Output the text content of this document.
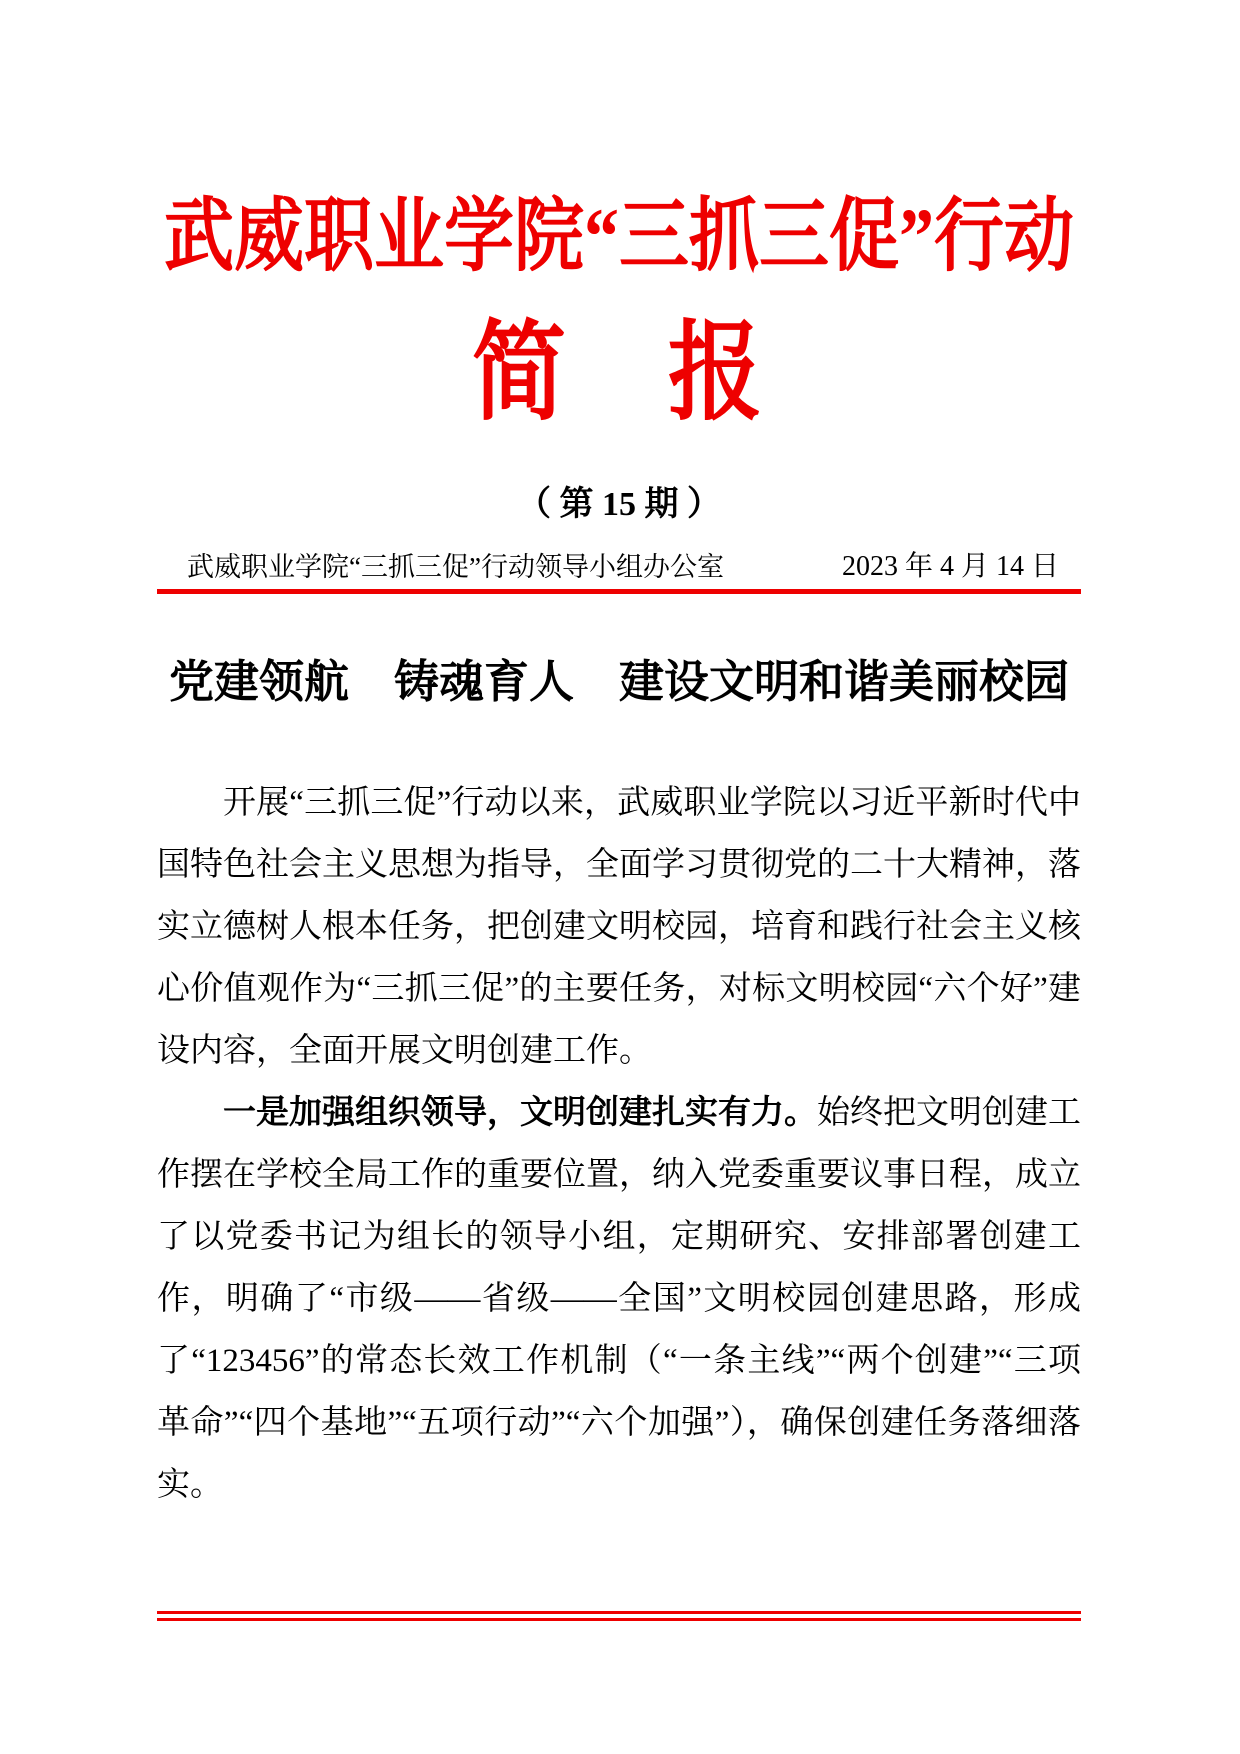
武威职业学院“三抓三促”行动
简　报
（ 第 15 期 ）
武威职业学院“三抓三促”行动领导小组办公室	2023 年 4 月 14 日
党建领航　铸魂育人　建设文明和谐美丽校园

开展“三抓三促”行动以来，武威职业学院以习近平新时代中国特色社会主义思想为指导，全面学习贯彻党的二十大精神，落实立德树人根本任务，把创建文明校园，培育和践行社会主义核心价值观作为“三抓三促”的主要任务，对标文明校园“六个好”建设内容，全面开展文明创建工作。

一是加强组织领导，文明创建扎实有力。始终把文明创建工作摆在学校全局工作的重要位置，纳入党委重要议事日程，成立了以党委书记为组长的领导小组，定期研究、安排部署创建工作，明确了“市级——省级——全国”文明校园创建思路，形成了“123456”的常态长效工作机制（“一条主线”“两个创建”“三项革命”“四个基地”“五项行动”“六个加强”），确保创建任务落细落实。
